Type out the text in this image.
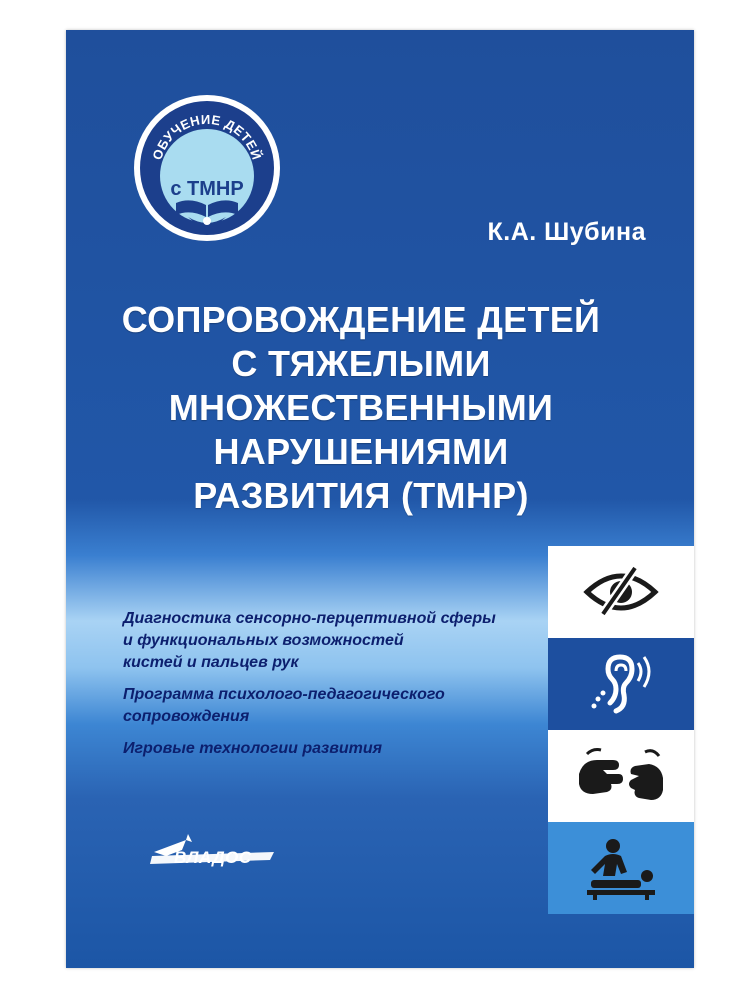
ОБУЧЕНИЕ ДЕТЕЙ
с ТМНР
К.А. Шубина
СОПРОВОЖДЕНИЕ ДЕТЕЙ
С ТЯЖЕЛЫМИ
МНОЖЕСТВЕННЫМИ
НАРУШЕНИЯМИ
РАЗВИТИЯ (ТМНР)
Диагностика сенсорно-перцептивной сферы
и функциональных возможностей
кистей и пальцев рук
Программа психолого-педагогического
сопровождения
Игровые технологии развития
ВЛАДОС
